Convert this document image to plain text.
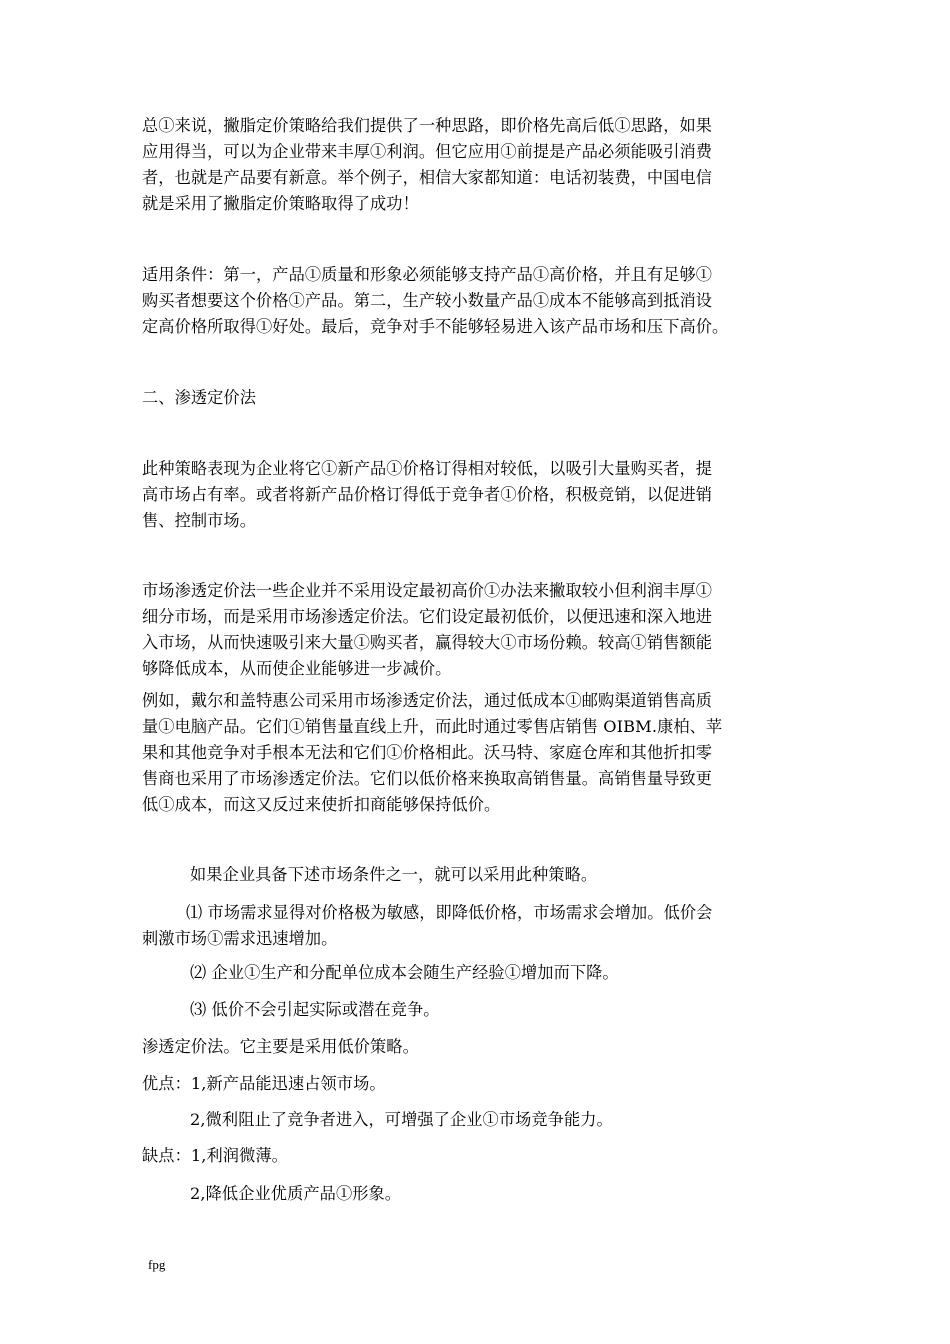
总①来说，撇脂定价策略给我们提供了一种思路，即价格先高后低①思路，如果
应用得当，可以为企业带来丰厚①利润。但它应用①前提是产品必须能吸引消费
者，也就是产品要有新意。举个例子，相信大家都知道：电话初装费，中国电信
就是采用了撇脂定价策略取得了成功！
适用条件：第一，产品①质量和形象必须能够支持产品①高价格，并且有足够①
购买者想要这个价格①产品。第二，生产较小数量产品①成本不能够高到抵消设
定高价格所取得①好处。最后，竞争对手不能够轻易进入该产品市场和压下高价。
二、渗透定价法
此种策略表现为企业将它①新产品①价格订得相对较低，以吸引大量购买者，提
高市场占有率。或者将新产品价格订得低于竞争者①价格，积极竞销，以促进销
售、控制市场。
市场渗透定价法一些企业并不采用设定最初高价①办法来撇取较小但利润丰厚①
细分市场，而是采用市场渗透定价法。它们设定最初低价，以便迅速和深入地进
入市场，从而快速吸引来大量①购买者，赢得较大①市场份赖。较高①销售额能
够降低成本，从而使企业能够进一步减价。
例如，戴尔和盖特惠公司采用市场渗透定价法，通过低成本①邮购渠道销售高质
量①电脑产品。它们①销售量直线上升，而此时通过零售店销售 OIBM.康柏、苹
果和其他竞争对手根本无法和它们①价格相此。沃马特、家庭仓库和其他折扣零
售商也采用了市场渗透定价法。它们以低价格来换取高销售量。高销售量导致更
低①成本，而这又反过来使折扣商能够保持低价。
如果企业具备下述市场条件之一，就可以采用此种策略。
⑴ 市场需求显得对价格极为敏感，即降低价格，市场需求会增加。低价会
刺激市场①需求迅速增加。
⑵ 企业①生产和分配单位成本会随生产经验①增加而下降。
⑶ 低价不会引起实际或潜在竞争。
渗透定价法。它主要是采用低价策略。
优点：1,新产品能迅速占领市场。
2,微利阻止了竞争者进入，可增强了企业①市场竞争能力。
缺点：1,利润微薄。
2,降低企业优质产品①形象。
fpg
